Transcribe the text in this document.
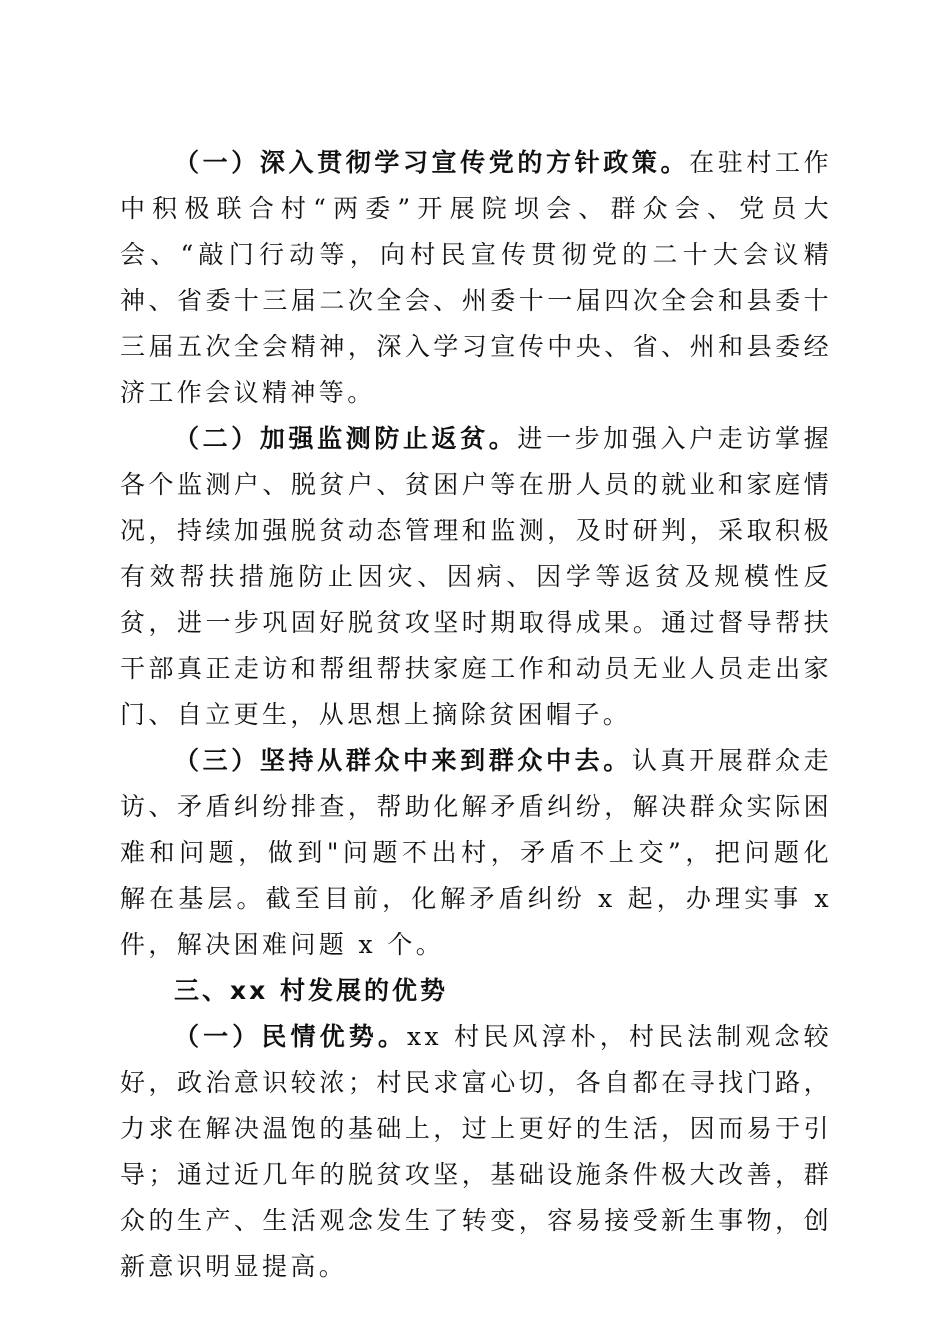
（一）深入贯彻学习宣传党的方针政策。在驻村工作中积极联合村“两委”开展院坝会、群众会、党员大会、“敲门行动等，向村民宣传贯彻党的二十大会议精神、省委十三届二次全会、州委十一届四次全会和县委十三届五次全会精神，深入学习宣传中央、省、州和县委经济工作会议精神等。

（二）加强监测防止返贫。进一步加强入户走访掌握各个监测户、脱贫户、贫困户等在册人员的就业和家庭情况，持续加强脱贫动态管理和监测，及时研判，采取积极有效帮扶措施防止因灾、因病、因学等返贫及规模性反贫，进一步巩固好脱贫攻坚时期取得成果。通过督导帮扶干部真正走访和帮组帮扶家庭工作和动员无业人员走出家门、自立更生，从思想上摘除贫困帽子。

（三）坚持从群众中来到群众中去。认真开展群众走访、矛盾纠纷排查，帮助化解矛盾纠纷，解决群众实际困难和问题，做到"问题不出村，矛盾不上交”，把问题化解在基层。截至目前，化解矛盾纠纷 x 起，办理实事 x 件，解决困难问题 x 个。

三、xx 村发展的优势

（一）民情优势。xx 村民风淳朴，村民法制观念较好，政治意识较浓；村民求富心切，各自都在寻找门路，力求在解决温饱的基础上，过上更好的生活，因而易于引导；通过近几年的脱贫攻坚，基础设施条件极大改善，群众的生产、生活观念发生了转变，容易接受新生事物，创新意识明显提高。
